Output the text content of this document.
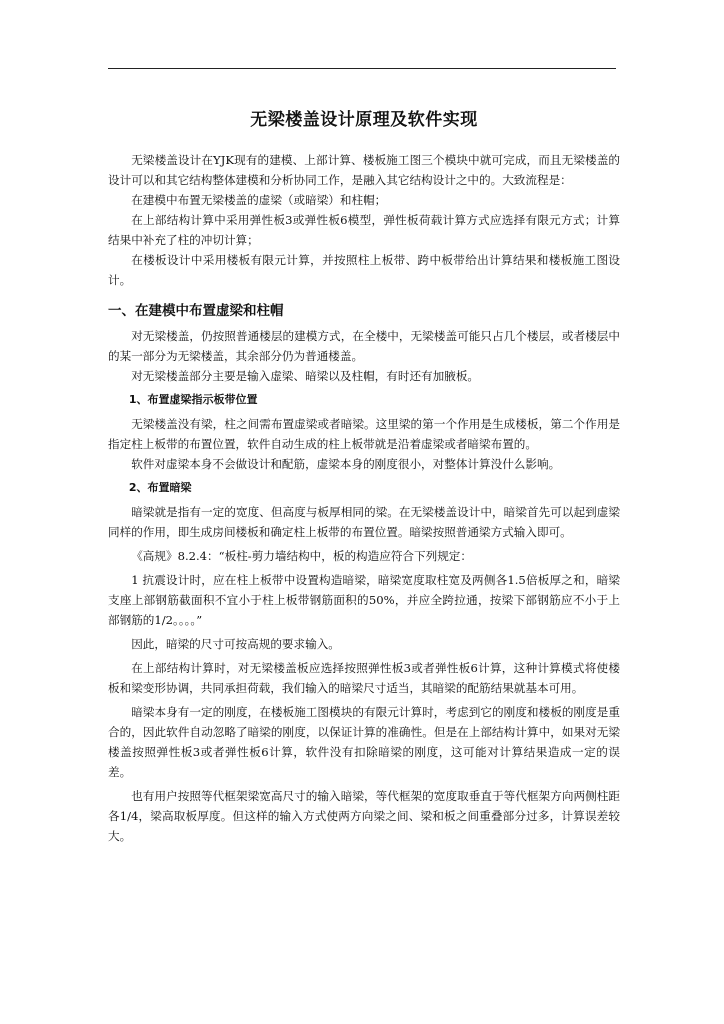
无梁楼盖设计原理及软件实现

无梁楼盖设计在YJK现有的建模、上部计算、楼板施工图三个模块中就可完成，而且无梁楼盖的设计可以和其它结构整体建模和分析协同工作，是融入其它结构设计之中的。大致流程是：

在建模中布置无梁楼盖的虚梁（或暗梁）和柱帽；

在上部结构计算中采用弹性板3或弹性板6模型，弹性板荷载计算方式应选择有限元方式；计算结果中补充了柱的冲切计算；

在楼板设计中采用楼板有限元计算，并按照柱上板带、跨中板带给出计算结果和楼板施工图设计。

一、在建模中布置虚梁和柱帽

对无梁楼盖，仍按照普通楼层的建模方式，在全楼中，无梁楼盖可能只占几个楼层，或者楼层中的某一部分为无梁楼盖，其余部分仍为普通楼盖。

对无梁楼盖部分主要是输入虚梁、暗梁以及柱帽，有时还有加腋板。

1、布置虚梁指示板带位置

无梁楼盖没有梁，柱之间需布置虚梁或者暗梁。这里梁的第一个作用是生成楼板，第二个作用是指定柱上板带的布置位置，软件自动生成的柱上板带就是沿着虚梁或者暗梁布置的。

软件对虚梁本身不会做设计和配筋，虚梁本身的刚度很小，对整体计算没什么影响。

2、布置暗梁

暗梁就是指有一定的宽度、但高度与板厚相同的梁。在无梁楼盖设计中，暗梁首先可以起到虚梁同样的作用，即生成房间楼板和确定柱上板带的布置位置。暗梁按照普通梁方式输入即可。

《高规》8.2.4：“板柱-剪力墙结构中，板的构造应符合下列规定：

1 抗震设计时，应在柱上板带中设置构造暗梁，暗梁宽度取柱宽及两侧各1.5倍板厚之和，暗梁支座上部钢筋截面积不宜小于柱上板带钢筋面积的50%，并应全跨拉通，按梁下部钢筋应不小于上部钢筋的1/2。。。。”

因此，暗梁的尺寸可按高规的要求输入。

在上部结构计算时，对无梁楼盖板应选择按照弹性板3或者弹性板6计算，这种计算模式将使楼板和梁变形协调，共同承担荷载，我们输入的暗梁尺寸适当，其暗梁的配筋结果就基本可用。

暗梁本身有一定的刚度，在楼板施工图模块的有限元计算时，考虑到它的刚度和楼板的刚度是重合的，因此软件自动忽略了暗梁的刚度，以保证计算的准确性。但是在上部结构计算中，如果对无梁楼盖按照弹性板3或者弹性板6计算，软件没有扣除暗梁的刚度，这可能对计算结果造成一定的误差。

也有用户按照等代框架梁宽高尺寸的输入暗梁，等代框架的宽度取垂直于等代框架方向两侧柱距各1/4，梁高取板厚度。但这样的输入方式使两方向梁之间、梁和板之间重叠部分过多，计算误差较大。
